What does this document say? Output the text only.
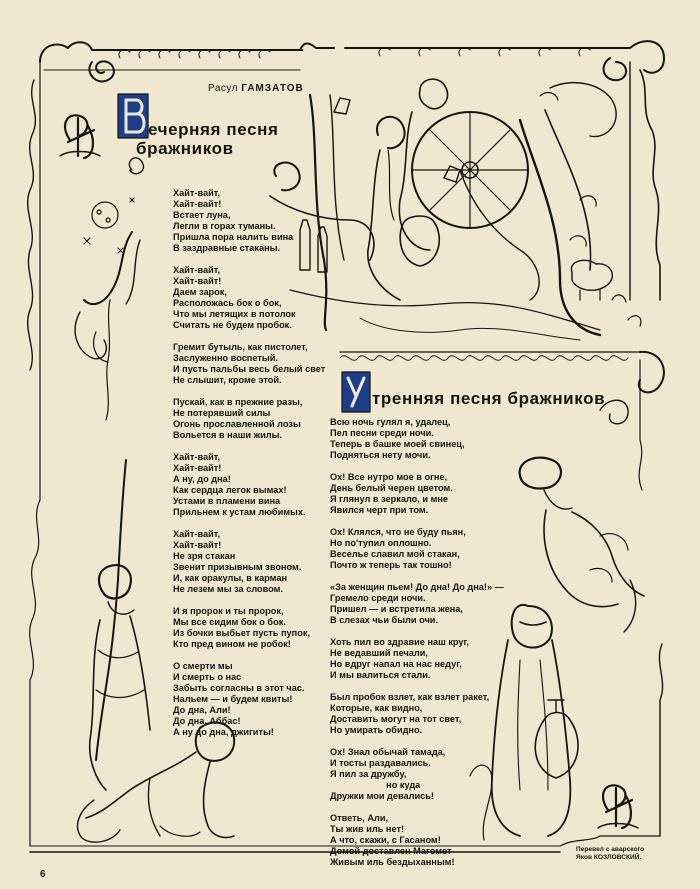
Расул ГАМЗАТОВ
ечерняя песня
бражников
тренняя песня бражников

Хайт-вайт,
Хайт-вайт!
Встает луна,
Легли в горах туманы.
Пришла пора налить вина
В заздравные стаканы.

Хайт-вайт,
Хайт-вайт!
Даем зарок,
Расположась бок о бок,
Что мы летящих в потолок
Считать не будем пробок.

Гремит бутыль, как пистолет,
Заслуженно воспетый.
И пусть пальбы весь белый свет
Не слышит, кроме этой.

Пускай, как в прежние разы,
Не потерявший силы
Огонь прославленной лозы
Вольется в наши жилы.

Хайт-вайт,
Хайт-вайт!
А ну, до дна!
Как сердца легок вымах!
Устами в пламени вина
Прильнем к устам любимых.

Хайт-вайт,
Хайт-вайт!
Не зря стакан
Звенит призывным звоном.
И, как оракулы, в карман
Не лезем мы за словом.

И я пророк и ты пророк,
Мы все сидим бок о бок.
Из бочки выбьет пусть пупок,
Кто пред вином не робок!

О смерти мы
И смерть о нас
Забыть согласны в этот час.
Нальем — и будем квиты!
До дна, Али!
До дна, Аббас!
А ну до дна, джигиты!

Всю ночь гулял я, удалец,
Пел песни среди ночи.
Теперь в башке моей свинец,
Подняться нету мочи.

Ох! Все нутро мое в огне,
День белый черен цветом.
Я глянул в зеркало, и мне
Явился черт при том.

Ох! Клялся, что не буду пьян,
Но по'тупил оплошно.
Веселье славил мой стакан,
Почто ж теперь так тошно!

«За женщин пьем! До дна! До дна!» —
Гремело среди ночи.
Пришел — и встретила жена,
В слезах чьи были очи.

Хоть пил во здравие наш круг,
Не ведавший печали,
Но вдруг напал на нас недуг,
И мы валиться стали.

Был пробок взлет, как взлет ракет,
Которые, как видно,
Доставить могут на тот свет,
Но умирать обидно.

Ох! Знал обычай тамада,
И тосты раздавались.
Я пил за дружбу,
но куда
Дружки мои девались!

Ответь, Али,
Ты жив иль нет!
А что, скажи, с Гасаном!
Домой доставлен Магомет
Живым иль бездыханным!

Перевел с аварского
Яков КОЗЛОВСКИЙ.
6
